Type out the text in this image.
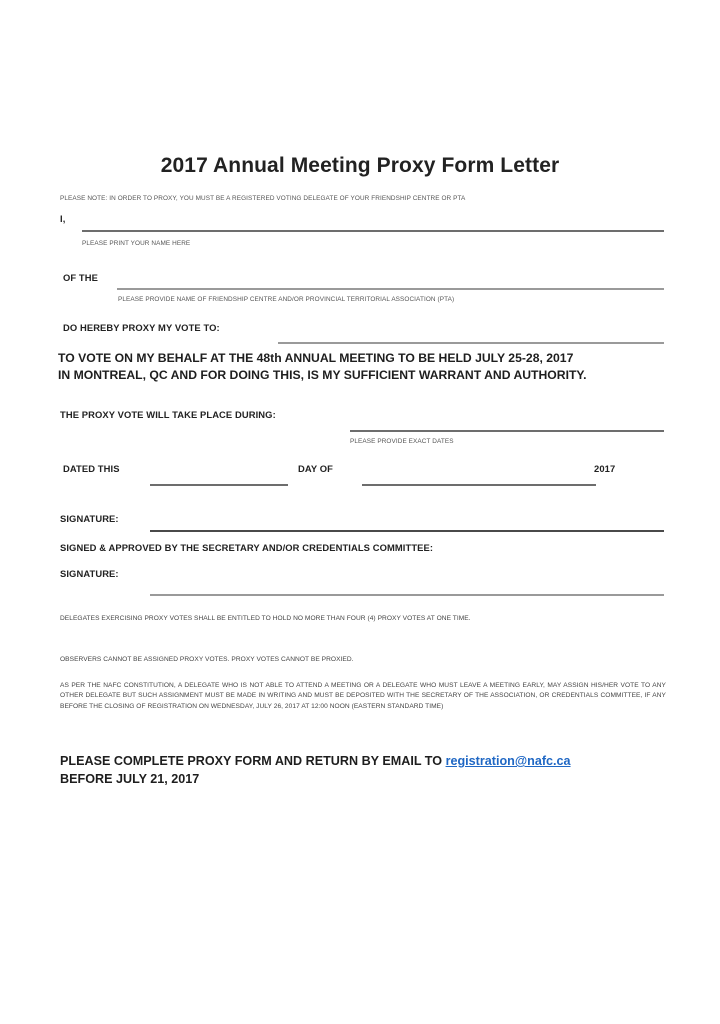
2017 Annual Meeting Proxy Form Letter
PLEASE NOTE: IN ORDER TO PROXY, YOU MUST BE A REGISTERED VOTING DELEGATE OF YOUR FRIENDSHIP CENTRE OR PTA
I,
PLEASE PRINT YOUR NAME HERE
OF THE
PLEASE PROVIDE NAME OF FRIENDSHIP CENTRE AND/OR PROVINCIAL TERRITORIAL ASSOCIATION (PTA)
DO HEREBY PROXY MY VOTE TO:
TO VOTE ON MY BEHALF AT THE 48th ANNUAL MEETING TO BE HELD JULY 25-28, 2017
IN MONTREAL, QC AND FOR DOING THIS, IS MY SUFFICIENT WARRANT AND AUTHORITY.
THE PROXY VOTE WILL TAKE PLACE DURING:
PLEASE PROVIDE EXACT DATES
DATED THIS	DAY OF	2017
SIGNATURE:
SIGNED & APPROVED BY THE SECRETARY AND/OR CREDENTIALS COMMITTEE:
SIGNATURE:
DELEGATES EXERCISING PROXY VOTES SHALL BE ENTITLED TO HOLD NO MORE THAN FOUR (4) PROXY VOTES AT ONE TIME.
OBSERVERS CANNOT BE ASSIGNED PROXY VOTES. PROXY VOTES CANNOT BE PROXIED.
AS PER THE NAFC CONSTITUTION, A DELEGATE WHO IS NOT ABLE TO ATTEND A MEETING OR A DELEGATE WHO MUST LEAVE A MEETING EARLY, MAY ASSIGN HIS/HER VOTE TO ANY OTHER DELEGATE BUT SUCH ASSIGNMENT MUST BE MADE IN WRITING AND MUST BE DEPOSITED WITH THE SECRETARY OF THE ASSOCIATION, OR CREDENTIALS COMMITTEE, IF ANY BEFORE THE CLOSING OF REGISTRATION ON WEDNESDAY, JULY 26, 2017 AT 12:00 NOON (EASTERN STANDARD TIME)
PLEASE COMPLETE PROXY FORM AND RETURN BY EMAIL TO registration@nafc.ca
BEFORE JULY 21, 2017
